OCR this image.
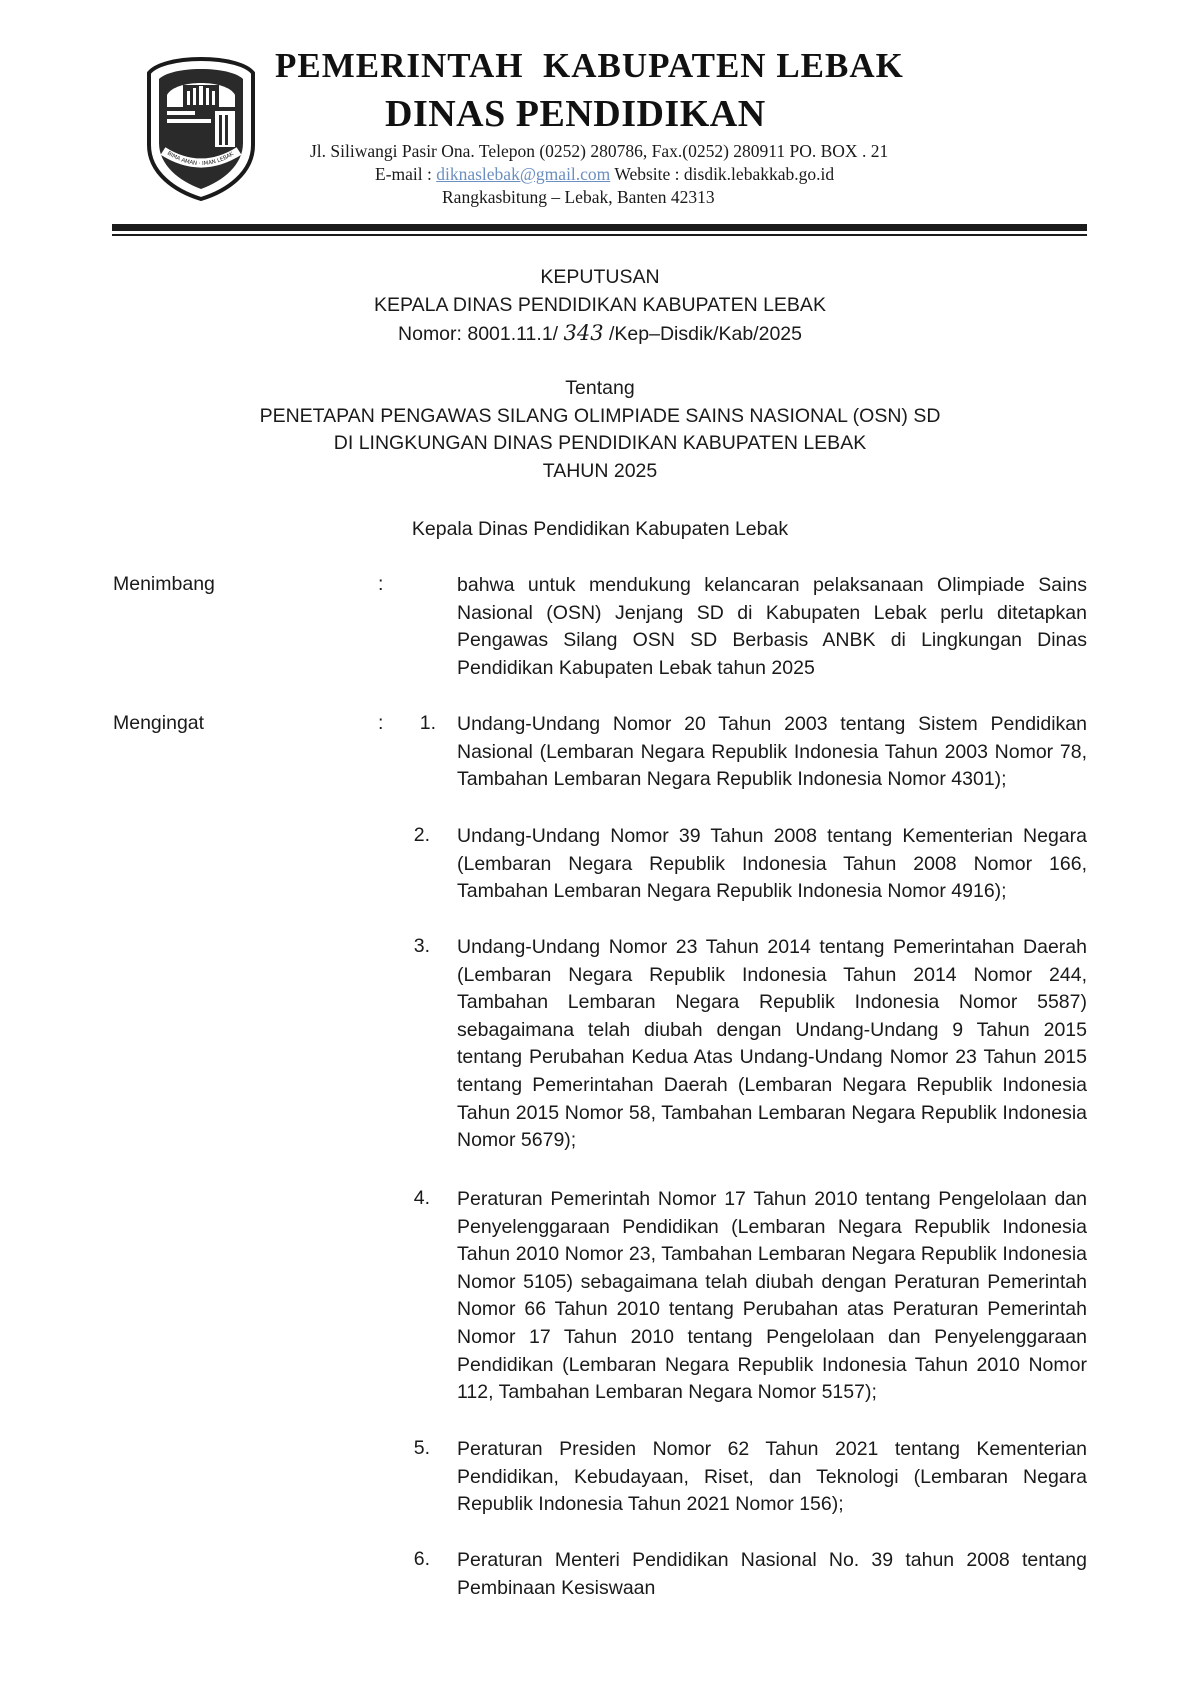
BIMA AMAN · IMAN LEBAK
PEMERINTAH  KABUPATEN LEBAK
DINAS PENDIDIKAN
Jl. Siliwangi Pasir Ona. Telepon (0252) 280786, Fax.(0252) 280911 PO. BOX . 21
E-mail : diknaslebak@gmail.com Website : disdik.lebakkab.go.id
Rangkasbitung – Lebak, Banten 42313
KEPUTUSAN
KEPALA DINAS PENDIDIKAN KABUPATEN LEBAK
Nomor: 8001.11.1/ 343 /Kep–Disdik/Kab/2025
Tentang
PENETAPAN PENGAWAS SILANG OLIMPIADE SAINS NASIONAL (OSN) SD
DI LINGKUNGAN DINAS PENDIDIKAN KABUPATEN LEBAK
TAHUN 2025
Kepala Dinas Pendidikan Kabupaten Lebak
Menimbang	:	bahwa untuk mendukung kelancaran pelaksanaan Olimpiade Sains Nasional (OSN) Jenjang SD di Kabupaten Lebak perlu ditetapkan Pengawas Silang OSN SD Berbasis ANBK di Lingkungan Dinas Pendidikan Kabupaten Lebak tahun 2025
Mengingat	:	1. Undang-Undang Nomor 20 Tahun 2003 tentang Sistem Pendidikan Nasional (Lembaran Negara Republik Indonesia Tahun 2003 Nomor 78, Tambahan Lembaran Negara Republik Indonesia Nomor 4301);
2. Undang-Undang Nomor 39 Tahun 2008 tentang Kementerian Negara (Lembaran Negara Republik Indonesia Tahun 2008 Nomor 166, Tambahan Lembaran Negara Republik Indonesia Nomor 4916);
3. Undang-Undang Nomor 23 Tahun 2014 tentang Pemerintahan Daerah (Lembaran Negara Republik Indonesia Tahun 2014 Nomor 244, Tambahan Lembaran Negara Republik Indonesia Nomor 5587) sebagaimana telah diubah dengan Undang-Undang 9 Tahun 2015 tentang Perubahan Kedua Atas Undang-Undang Nomor 23 Tahun 2015 tentang Pemerintahan Daerah (Lembaran Negara Republik Indonesia Tahun 2015 Nomor 58, Tambahan Lembaran Negara Republik Indonesia Nomor 5679);
4. Peraturan Pemerintah Nomor 17 Tahun 2010 tentang Pengelolaan dan Penyelenggaraan Pendidikan (Lembaran Negara Republik Indonesia Tahun 2010 Nomor 23, Tambahan Lembaran Negara Republik Indonesia Nomor 5105) sebagaimana telah diubah dengan Peraturan Pemerintah Nomor 66 Tahun 2010 tentang Perubahan atas Peraturan Pemerintah Nomor 17 Tahun 2010 tentang Pengelolaan dan Penyelenggaraan Pendidikan (Lembaran Negara Republik Indonesia Tahun 2010 Nomor 112, Tambahan Lembaran Negara Nomor 5157);
5. Peraturan Presiden Nomor 62 Tahun 2021 tentang Kementerian Pendidikan, Kebudayaan, Riset, dan Teknologi (Lembaran Negara Republik Indonesia Tahun 2021 Nomor 156);
6. Peraturan Menteri Pendidikan Nasional No. 39 tahun 2008 tentang Pembinaan Kesiswaan
